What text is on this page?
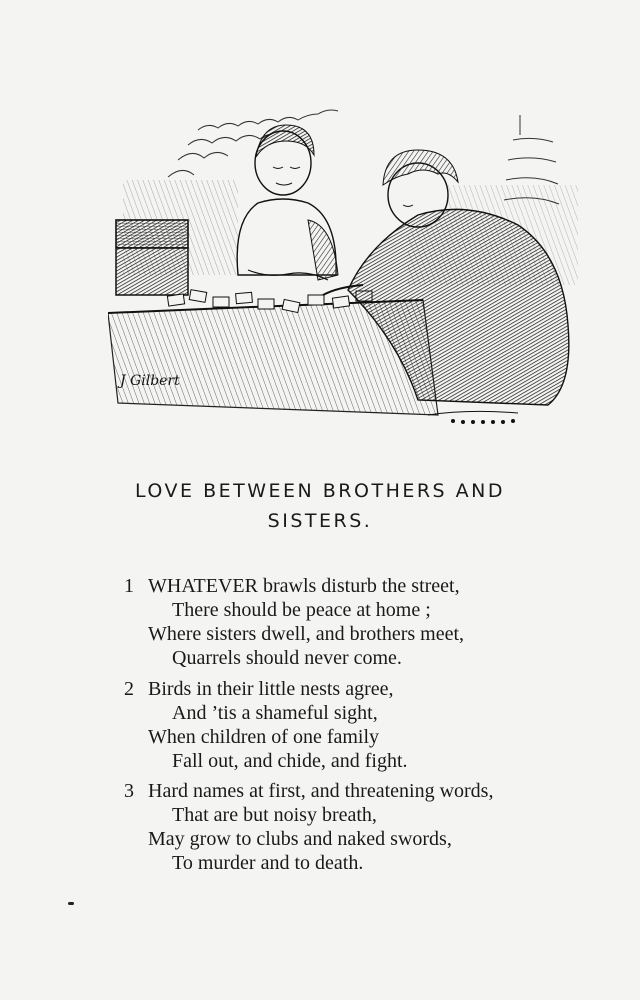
J Gilbert
LOVE BETWEEN BROTHERS AND
SISTERS.
1 WHATEVER brawls disturb the street,
There should be peace at home ;
Where sisters dwell, and brothers meet,
Quarrels should never come.
2 Birds in their little nests agree,
And ’tis a shameful sight,
When children of one family
Fall out, and chide, and fight.
3 Hard names at first, and threatening words,
That are but noisy breath,
May grow to clubs and naked swords,
To murder and to death.
